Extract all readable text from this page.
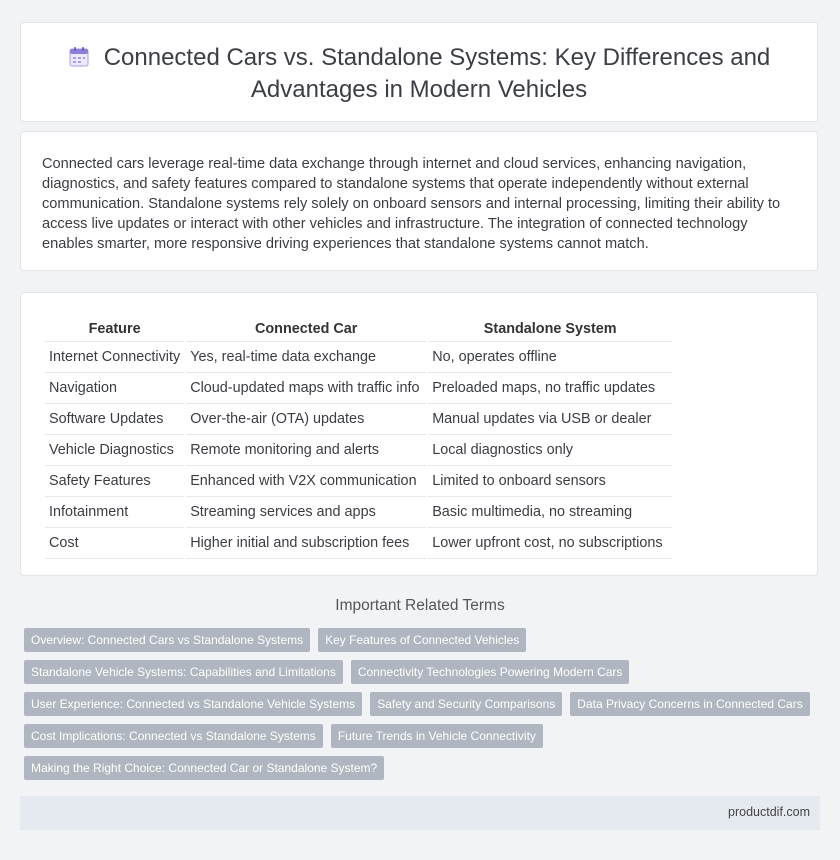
Connected Cars vs. Standalone Systems: Key Differences and Advantages in Modern Vehicles

Connected cars leverage real-time data exchange through internet and cloud services, enhancing navigation, diagnostics, and safety features compared to standalone systems that operate independently without external communication. Standalone systems rely solely on onboard sensors and internal processing, limiting their ability to access live updates or interact with other vehicles and infrastructure. The integration of connected technology enables smarter, more responsive driving experiences that standalone systems cannot match.

Feature	Connected Car	Standalone System
Internet Connectivity	Yes, real-time data exchange	No, operates offline
Navigation	Cloud-updated maps with traffic info	Preloaded maps, no traffic updates
Software Updates	Over-the-air (OTA) updates	Manual updates via USB or dealer
Vehicle Diagnostics	Remote monitoring and alerts	Local diagnostics only
Safety Features	Enhanced with V2X communication	Limited to onboard sensors
Infotainment	Streaming services and apps	Basic multimedia, no streaming
Cost	Higher initial and subscription fees	Lower upfront cost, no subscriptions
Important Related Terms
Overview: Connected Cars vs Standalone Systems	Key Features of Connected Vehicles
Standalone Vehicle Systems: Capabilities and Limitations	Connectivity Technologies Powering Modern Cars
User Experience: Connected vs Standalone Vehicle Systems	Safety and Security Comparisons	Data Privacy Concerns in Connected Cars
Cost Implications: Connected vs Standalone Systems	Future Trends in Vehicle Connectivity
Making the Right Choice: Connected Car or Standalone System?
productdif.com
